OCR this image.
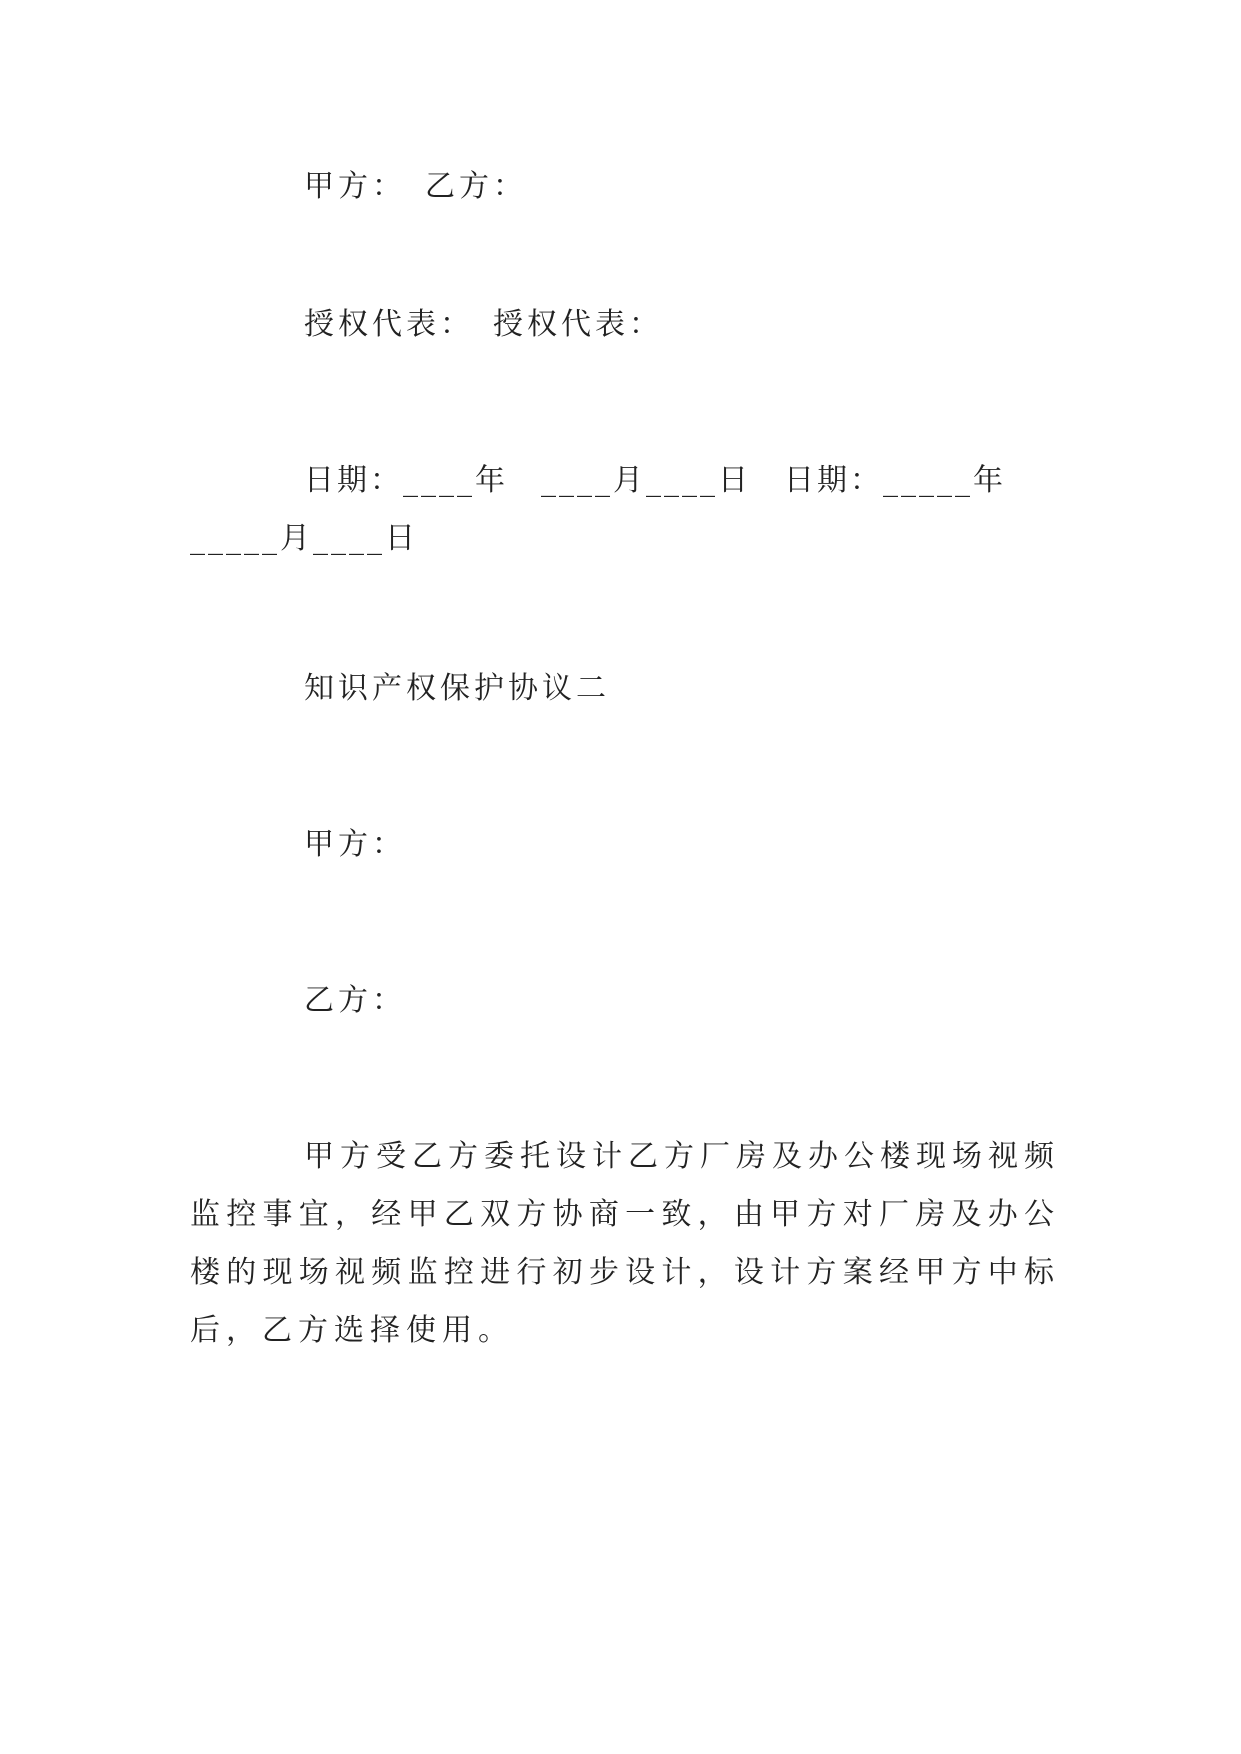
甲方：　乙方：

授权代表：　授权代表：

日期：____年　____月____日　日期：_____年_____月____日

知识产权保护协议二

甲方：

乙方：

甲方受乙方委托设计乙方厂房及办公楼现场视频监控事宜，经甲乙双方协商一致，由甲方对厂房及办公楼的现场视频监控进行初步设计，设计方案经甲方中标后，乙方选择使用。
